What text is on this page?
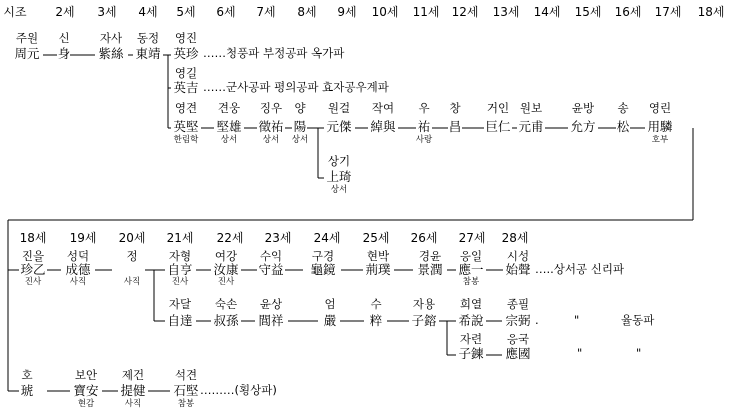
시조 2세 3세 4세 5세 6세 7세 8세 9세 10세 11세 12세 13세 14세 15세 16세 17세 18세
18세 19세 20세 21세 22세 23세 24세 25세 26세 27세 28세
주원 신	자사 동정 영진
周元 身 紫絲 東靖 英珍 ……청풍파 부정공파 옥가파
영길
英吉 ……군사공파 평의공파 효자공우계파
영견
英堅
한림학
견웅
堅雄
상서
징우
徵祐
상서
양
陽
상서
원걸
元傑
작여
綽與
우
祐
사랑
창
昌
거인
巨仁
원보
元甫
윤방
允方
송
松
영린
用驎
호부
상기
上琦
상서
진을
珍乙
진사
성덕
成德
사직
정
사직
자형
自亨
진사
여강
汝康
진사
수익
守益
구경
龜鏡
현박
荊璞
경윤
景潤
응일
應一
참봉
시성
始聲 …..상서공 신리파
자달
自達
숙손
叔孫
윤상
閭祥
엄
嚴
수
粹
자용
子鎔
희열
希說
종필
宗弼 .	"	율동파
자련 응국
子鍊 應國	"	"
호
琥
보안
寶安
현감
제건
提健
사직
석견
石堅
참봉
………(횡상파)
